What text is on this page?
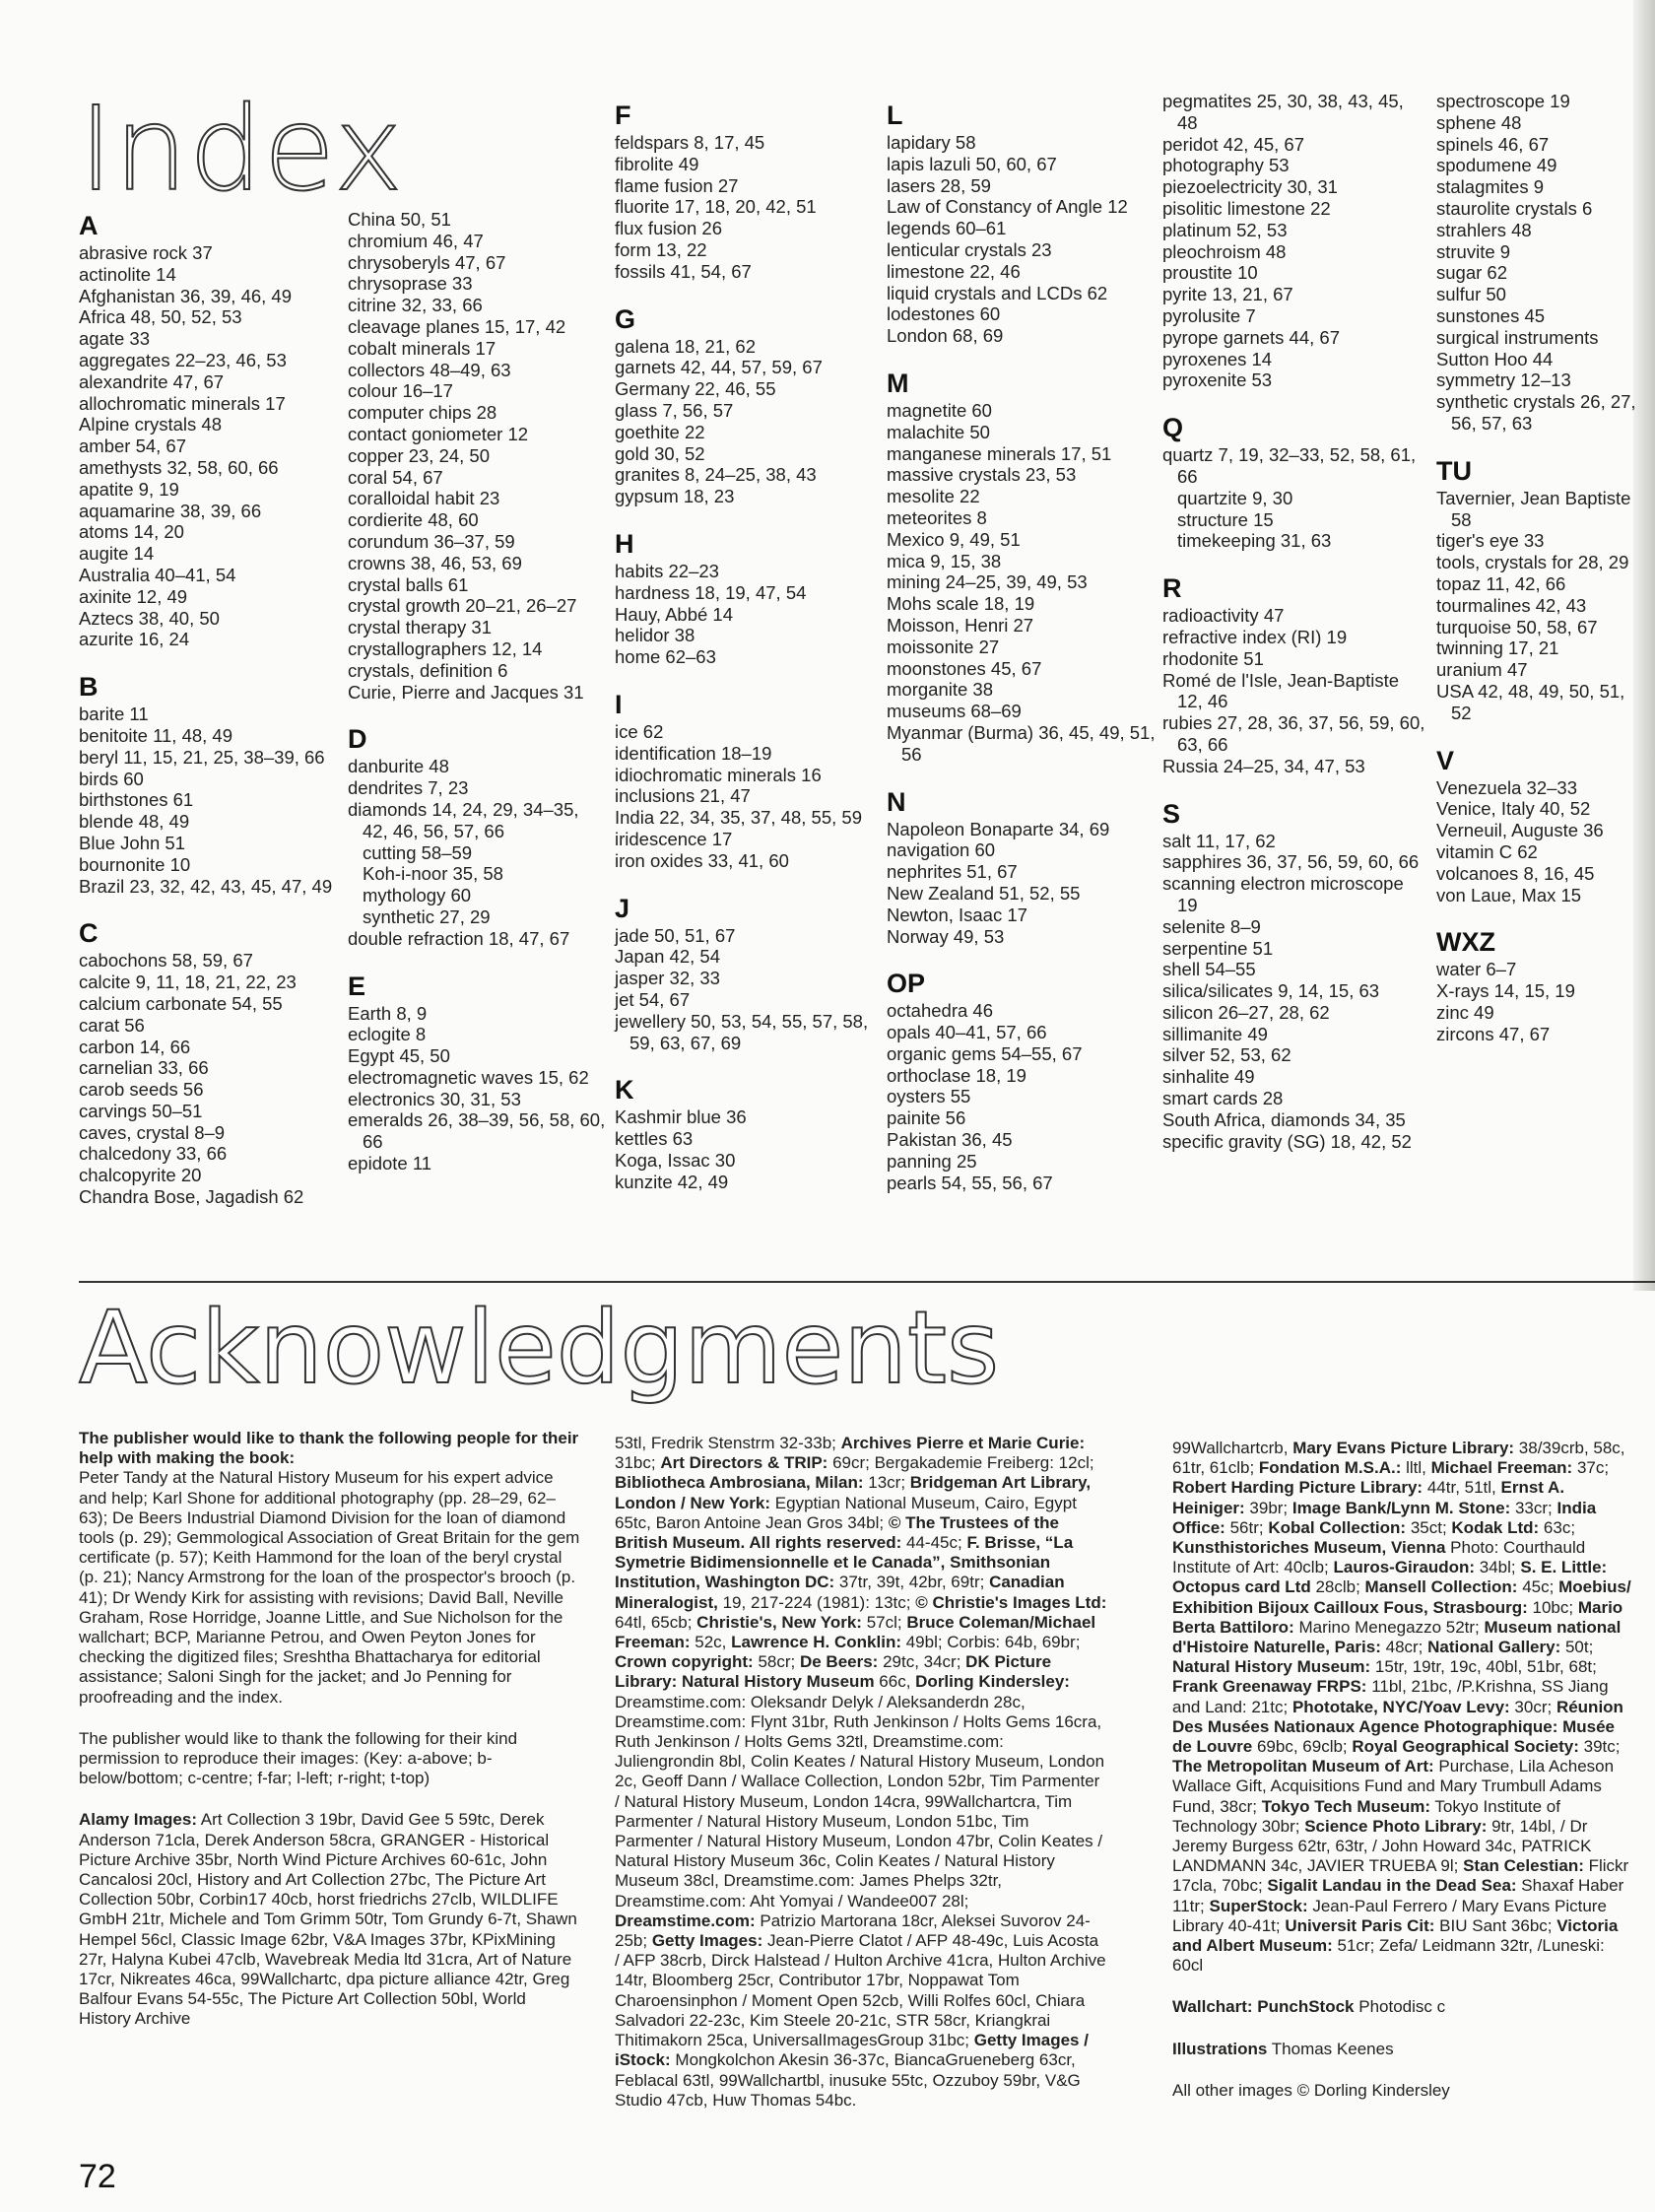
Index
A
abrasive rock 37
actinolite 14
Afghanistan 36, 39, 46, 49
Africa 48, 50, 52, 53
agate 33
aggregates 22–23, 46, 53
alexandrite 47, 67
allochromatic minerals 17
Alpine crystals 48
amber 54, 67
amethysts 32, 58, 60, 66
apatite 9, 19
aquamarine 38, 39, 66
atoms 14, 20
augite 14
Australia 40–41, 54
axinite 12, 49
Aztecs 38, 40, 50
azurite 16, 24
B
barite 11
benitoite 11, 48, 49
beryl 11, 15, 21, 25, 38–39, 66
birds 60
birthstones 61
blende 48, 49
Blue John 51
bournonite 10
Brazil 23, 32, 42, 43, 45, 47, 49
C
cabochons 58, 59, 67
calcite 9, 11, 18, 21, 22, 23
calcium carbonate 54, 55
carat 56
carbon 14, 66
carnelian 33, 66
carob seeds 56
carvings 50–51
caves, crystal 8–9
chalcedony 33, 66
chalcopyrite 20
Chandra Bose, Jagadish 62
China 50, 51
chromium 46, 47
chrysoberyls 47, 67
chrysoprase 33
citrine 32, 33, 66
cleavage planes 15, 17, 42
cobalt minerals 17
collectors 48–49, 63
colour 16–17
computer chips 28
contact goniometer 12
copper 23, 24, 50
coral 54, 67
coralloidal habit 23
cordierite 48, 60
corundum 36–37, 59
crowns 38, 46, 53, 69
crystal balls 61
crystal growth 20–21, 26–27
crystal therapy 31
crystallographers 12, 14
crystals, definition 6
Curie, Pierre and Jacques 31
D
danburite 48
dendrites 7, 23
diamonds 14, 24, 29, 34–35, 42, 46, 56, 57, 66
cutting 58–59
Koh-i-noor 35, 58
mythology 60
synthetic 27, 29
double refraction 18, 47, 67
E
Earth 8, 9
eclogite 8
Egypt 45, 50
electromagnetic waves 15, 62
electronics 30, 31, 53
emeralds 26, 38–39, 56, 58, 60, 66
epidote 11
F
feldspars 8, 17, 45
fibrolite 49
flame fusion 27
fluorite 17, 18, 20, 42, 51
flux fusion 26
form 13, 22
fossils 41, 54, 67
G
galena 18, 21, 62
garnets 42, 44, 57, 59, 67
Germany 22, 46, 55
glass 7, 56, 57
goethite 22
gold 30, 52
granites 8, 24–25, 38, 43
gypsum 18, 23
H
habits 22–23
hardness 18, 19, 47, 54
Hauy, Abbé 14
helidor 38
home 62–63
I
ice 62
identification 18–19
idiochromatic minerals 16
inclusions 21, 47
India 22, 34, 35, 37, 48, 55, 59
iridescence 17
iron oxides 33, 41, 60
J
jade 50, 51, 67
Japan 42, 54
jasper 32, 33
jet 54, 67
jewellery 50, 53, 54, 55, 57, 58, 59, 63, 67, 69
K
Kashmir blue 36
kettles 63
Koga, Issac 30
kunzite 42, 49
L
lapidary 58
lapis lazuli 50, 60, 67
lasers 28, 59
Law of Constancy of Angle 12
legends 60–61
lenticular crystals 23
limestone 22, 46
liquid crystals and LCDs 62
lodestones 60
London 68, 69
M
magnetite 60
malachite 50
manganese minerals 17, 51
massive crystals 23, 53
mesolite 22
meteorites 8
Mexico 9, 49, 51
mica 9, 15, 38
mining 24–25, 39, 49, 53
Mohs scale 18, 19
Moisson, Henri 27
moissonite 27
moonstones 45, 67
morganite 38
museums 68–69
Myanmar (Burma) 36, 45, 49, 51, 56
N
Napoleon Bonaparte 34, 69
navigation 60
nephrites 51, 67
New Zealand 51, 52, 55
Newton, Isaac 17
Norway 49, 53
OP
octahedra 46
opals 40–41, 57, 66
organic gems 54–55, 67
orthoclase 18, 19
oysters 55
painite 56
Pakistan 36, 45
panning 25
pearls 54, 55, 56, 67
pegmatites 25, 30, 38, 43, 45, 48
peridot 42, 45, 67
photography 53
piezoelectricity 30, 31
pisolitic limestone 22
platinum 52, 53
pleochroism 48
proustite 10
pyrite 13, 21, 67
pyrolusite 7
pyrope garnets 44, 67
pyroxenes 14
pyroxenite 53
Q
quartz 7, 19, 32–33, 52, 58, 61, 66
quartzite 9, 30
structure 15
timekeeping 31, 63
R
radioactivity 47
refractive index (RI) 19
rhodonite 51
Romé de l'Isle, Jean-Baptiste 12, 46
rubies 27, 28, 36, 37, 56, 59, 60, 63, 66
Russia 24–25, 34, 47, 53
S
salt 11, 17, 62
sapphires 36, 37, 56, 59, 60, 66
scanning electron microscope 19
selenite 8–9
serpentine 51
shell 54–55
silica/silicates 9, 14, 15, 63
silicon 26–27, 28, 62
sillimanite 49
silver 52, 53, 62
sinhalite 49
smart cards 28
South Africa, diamonds 34, 35
specific gravity (SG) 18, 42, 52
spectroscope 19
sphene 48
spinels 46, 67
spodumene 49
stalagmites 9
staurolite crystals 6
strahlers 48
struvite 9
sugar 62
sulfur 50
sunstones 45
surgical instruments
Sutton Hoo 44
symmetry 12–13
synthetic crystals 26, 27, 56, 57, 63
TU
Tavernier, Jean Baptiste 58
tiger's eye 33
tools, crystals for 28, 29
topaz 11, 42, 66
tourmalines 42, 43
turquoise 50, 58, 67
twinning 17, 21
uranium 47
USA 42, 48, 49, 50, 51, 52
V
Venezuela 32–33
Venice, Italy 40, 52
Verneuil, Auguste 36
vitamin C 62
volcanoes 8, 16, 45
von Laue, Max 15
WXZ
water 6–7
X-rays 14, 15, 19
zinc 49
zircons 47, 67
Acknowledgments

The publisher would like to thank the following people for their help with making the book:
Peter Tandy at the Natural History Museum for his expert advice and help; Karl Shone for additional photography (pp. 28–29, 62–63); De Beers Industrial Diamond Division for the loan of diamond tools (p. 29); Gemmological Association of Great Britain for the gem certificate (p. 57); Keith Hammond for the loan of the beryl crystal (p. 21); Nancy Armstrong for the loan of the prospector's brooch (p. 41); Dr Wendy Kirk for assisting with revisions; David Ball, Neville Graham, Rose Horridge, Joanne Little, and Sue Nicholson for the wallchart; BCP, Marianne Petrou, and Owen Peyton Jones for checking the digitized files; Sreshtha Bhattacharya for editorial assistance; Saloni Singh for the jacket; and Jo Penning for proofreading and the index.

The publisher would like to thank the following for their kind permission to reproduce their images: (Key: a-above; b-below/bottom; c-centre; f-far; l-left; r-right; t-top)

Alamy Images: Art Collection 3 19br, David Gee 5 59tc, Derek Anderson 71cla, Derek Anderson 58cra, GRANGER - Historical Picture Archive 35br, North Wind Picture Archives 60-61c, John Cancalosi 20cl, History and Art Collection 27bc, The Picture Art Collection 50br, Corbin17 40cb, horst friedrichs 27clb, WILDLIFE GmbH 21tr, Michele and Tom Grimm 50tr, Tom Grundy 6-7t, Shawn Hempel 56cl, Classic Image 62br, V&A Images 37br, KPixMining 27r, Halyna Kubei 47clb, Wavebreak Media ltd 31cra, Art of Nature 17cr, Nikreates 46ca, 99Wallchartc, dpa picture alliance 42tr, Greg Balfour Evans 54-55c, The Picture Art Collection 50bl, World History Archive

53tl, Fredrik Stenstrm 32-33b; Archives Pierre et Marie Curie: 31bc; Art Directors & TRIP: 69cr; Bergakademie Freiberg: 12cl; Bibliotheca Ambrosiana, Milan: 13cr; Bridgeman Art Library, London / New York: Egyptian National Museum, Cairo, Egypt 65tc, Baron Antoine Jean Gros 34bl; © The Trustees of the British Museum. All rights reserved: 44-45c; F. Brisse, “La Symetrie Bidimensionnelle et le Canada”, Smithsonian Institution, Washington DC: 37tr, 39t, 42br, 69tr; Canadian Mineralogist, 19, 217-224 (1981): 13tc; © Christie's Images Ltd: 64tl, 65cb; Christie's, New York: 57cl; Bruce Coleman/Michael Freeman: 52c, Lawrence H. Conklin: 49bl; Corbis: 64b, 69br; Crown copyright: 58cr; De Beers: 29tc, 34cr; DK Picture Library: Natural History Museum 66c, Dorling Kindersley: Dreamstime.com: Oleksandr Delyk / Aleksanderdn 28c, Dreamstime.com: Flynt 31br, Ruth Jenkinson / Holts Gems 16cra, Ruth Jenkinson / Holts Gems 32tl, Dreamstime.com: Juliengrondin 8bl, Colin Keates / Natural History Museum, London 2c, Geoff Dann / Wallace Collection, London 52br, Tim Parmenter / Natural History Museum, London 14cra, 99Wallchartcra, Tim Parmenter / Natural History Museum, London 51bc, Tim Parmenter / Natural History Museum, London 47br, Colin Keates / Natural History Museum 36c, Colin Keates / Natural History Museum 38cl, Dreamstime.com: James Phelps 32tr, Dreamstime.com: Aht Yomyai / Wandee007 28l; Dreamstime.com: Patrizio Martorana 18cr, Aleksei Suvorov 24-25b; Getty Images: Jean-Pierre Clatot / AFP 48-49c, Luis Acosta / AFP 38crb, Dirck Halstead / Hulton Archive 41cra, Hulton Archive 14tr, Bloomberg 25cr, Contributor 17br, Noppawat Tom Charoensinphon / Moment Open 52cb, Willi Rolfes 60cl, Chiara Salvadori 22-23c, Kim Steele 20-21c, STR 58cr, Kriangkrai Thitimakorn 25ca, UniversalImagesGroup 31bc; Getty Images / iStock: Mongkolchon Akesin 36-37c, BiancaGrueneberg 63cr, Feblacal 63tl, 99Wallchartbl, inusuke 55tc, Ozzuboy 59br, V&G Studio 47cb, Huw Thomas 54bc.

99Wallchartcrb, Mary Evans Picture Library: 38/39crb, 58c, 61tr, 61clb; Fondation M.S.A.: lltl, Michael Freeman: 37c; Robert Harding Picture Library: 44tr, 51tl, Ernst A. Heiniger: 39br; Image Bank/Lynn M. Stone: 33cr; India Office: 56tr; Kobal Collection: 35ct; Kodak Ltd: 63c; Kunsthistoriches Museum, Vienna Photo: Courthauld Institute of Art: 40clb; Lauros-Giraudon: 34bl; S. E. Little: Octopus card Ltd 28clb; Mansell Collection: 45c; Moebius/ Exhibition Bijoux Cailloux Fous, Strasbourg: 10bc; Mario Berta Battiloro: Marino Menegazzo 52tr; Museum national d'Histoire Naturelle, Paris: 48cr; National Gallery: 50t; Natural History Museum: 15tr, 19tr, 19c, 40bl, 51br, 68t; Frank Greenaway FRPS: 11bl, 21bc, /P.Krishna, SS Jiang and Land: 21tc; Phototake, NYC/Yoav Levy: 30cr; Réunion Des Musées Nationaux Agence Photographique: Musée de Louvre 69bc, 69clb; Royal Geographical Society: 39tc; The Metropolitan Museum of Art: Purchase, Lila Acheson Wallace Gift, Acquisitions Fund and Mary Trumbull Adams Fund, 38cr; Tokyo Tech Museum: Tokyo Institute of Technology 30br; Science Photo Library: 9tr, 14bl, / Dr Jeremy Burgess 62tr, 63tr, / John Howard 34c, PATRICK LANDMANN 34c, JAVIER TRUEBA 9l; Stan Celestian: Flickr 17cla, 70bc; Sigalit Landau in the Dead Sea: Shaxaf Haber 11tr; SuperStock: Jean-Paul Ferrero / Mary Evans Picture Library 40-41t; Universit Paris Cit: BIU Sant 36bc; Victoria and Albert Museum: 51cr; Zefa/ Leidmann 32tr, /Luneski: 60cl

Wallchart: PunchStock Photodisc c

Illustrations Thomas Keenes

All other images © Dorling Kindersley

72
